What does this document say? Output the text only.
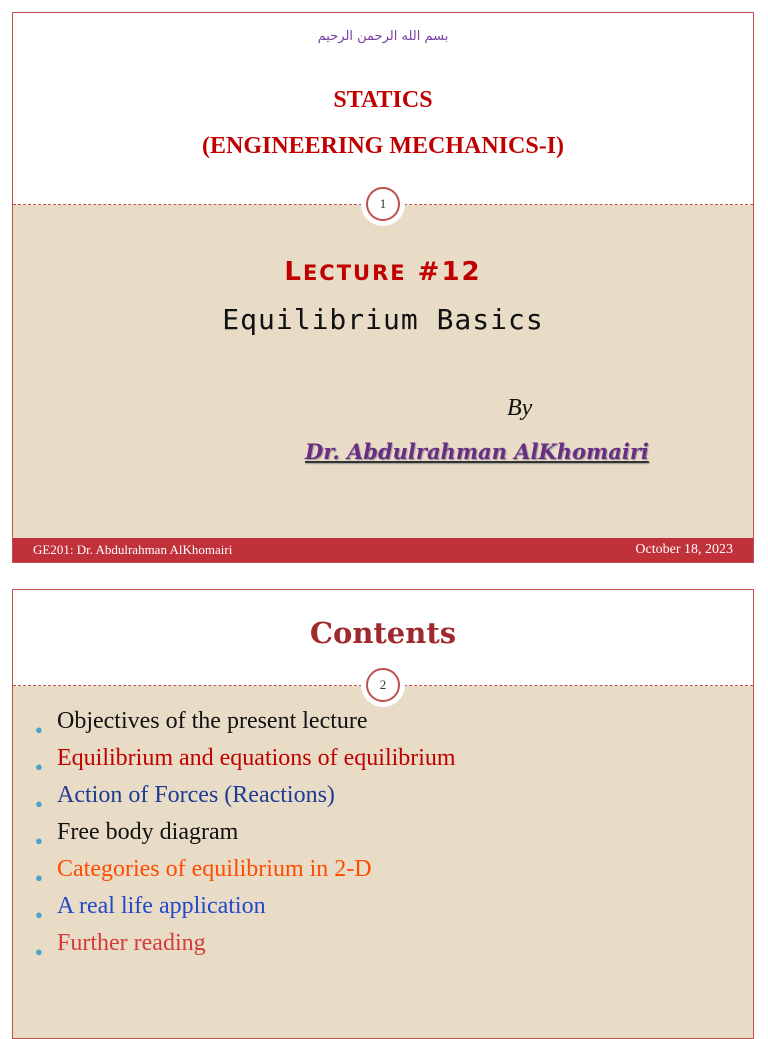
بسم الله الرحمن الرحيم
STATICS
(ENGINEERING MECHANICS-I)
1
LECTURE #12
Equilibrium Basics
By
Dr. Abdulrahman AlKhomairi
GE201: Dr. Abdulrahman AlKhomairi	October 18, 2023
Contents
2
● Objectives of the present lecture
● Equilibrium and equations of equilibrium
● Action of Forces (Reactions)
● Free body diagram
● Categories of equilibrium in 2-D
● A real life application
● Further reading
